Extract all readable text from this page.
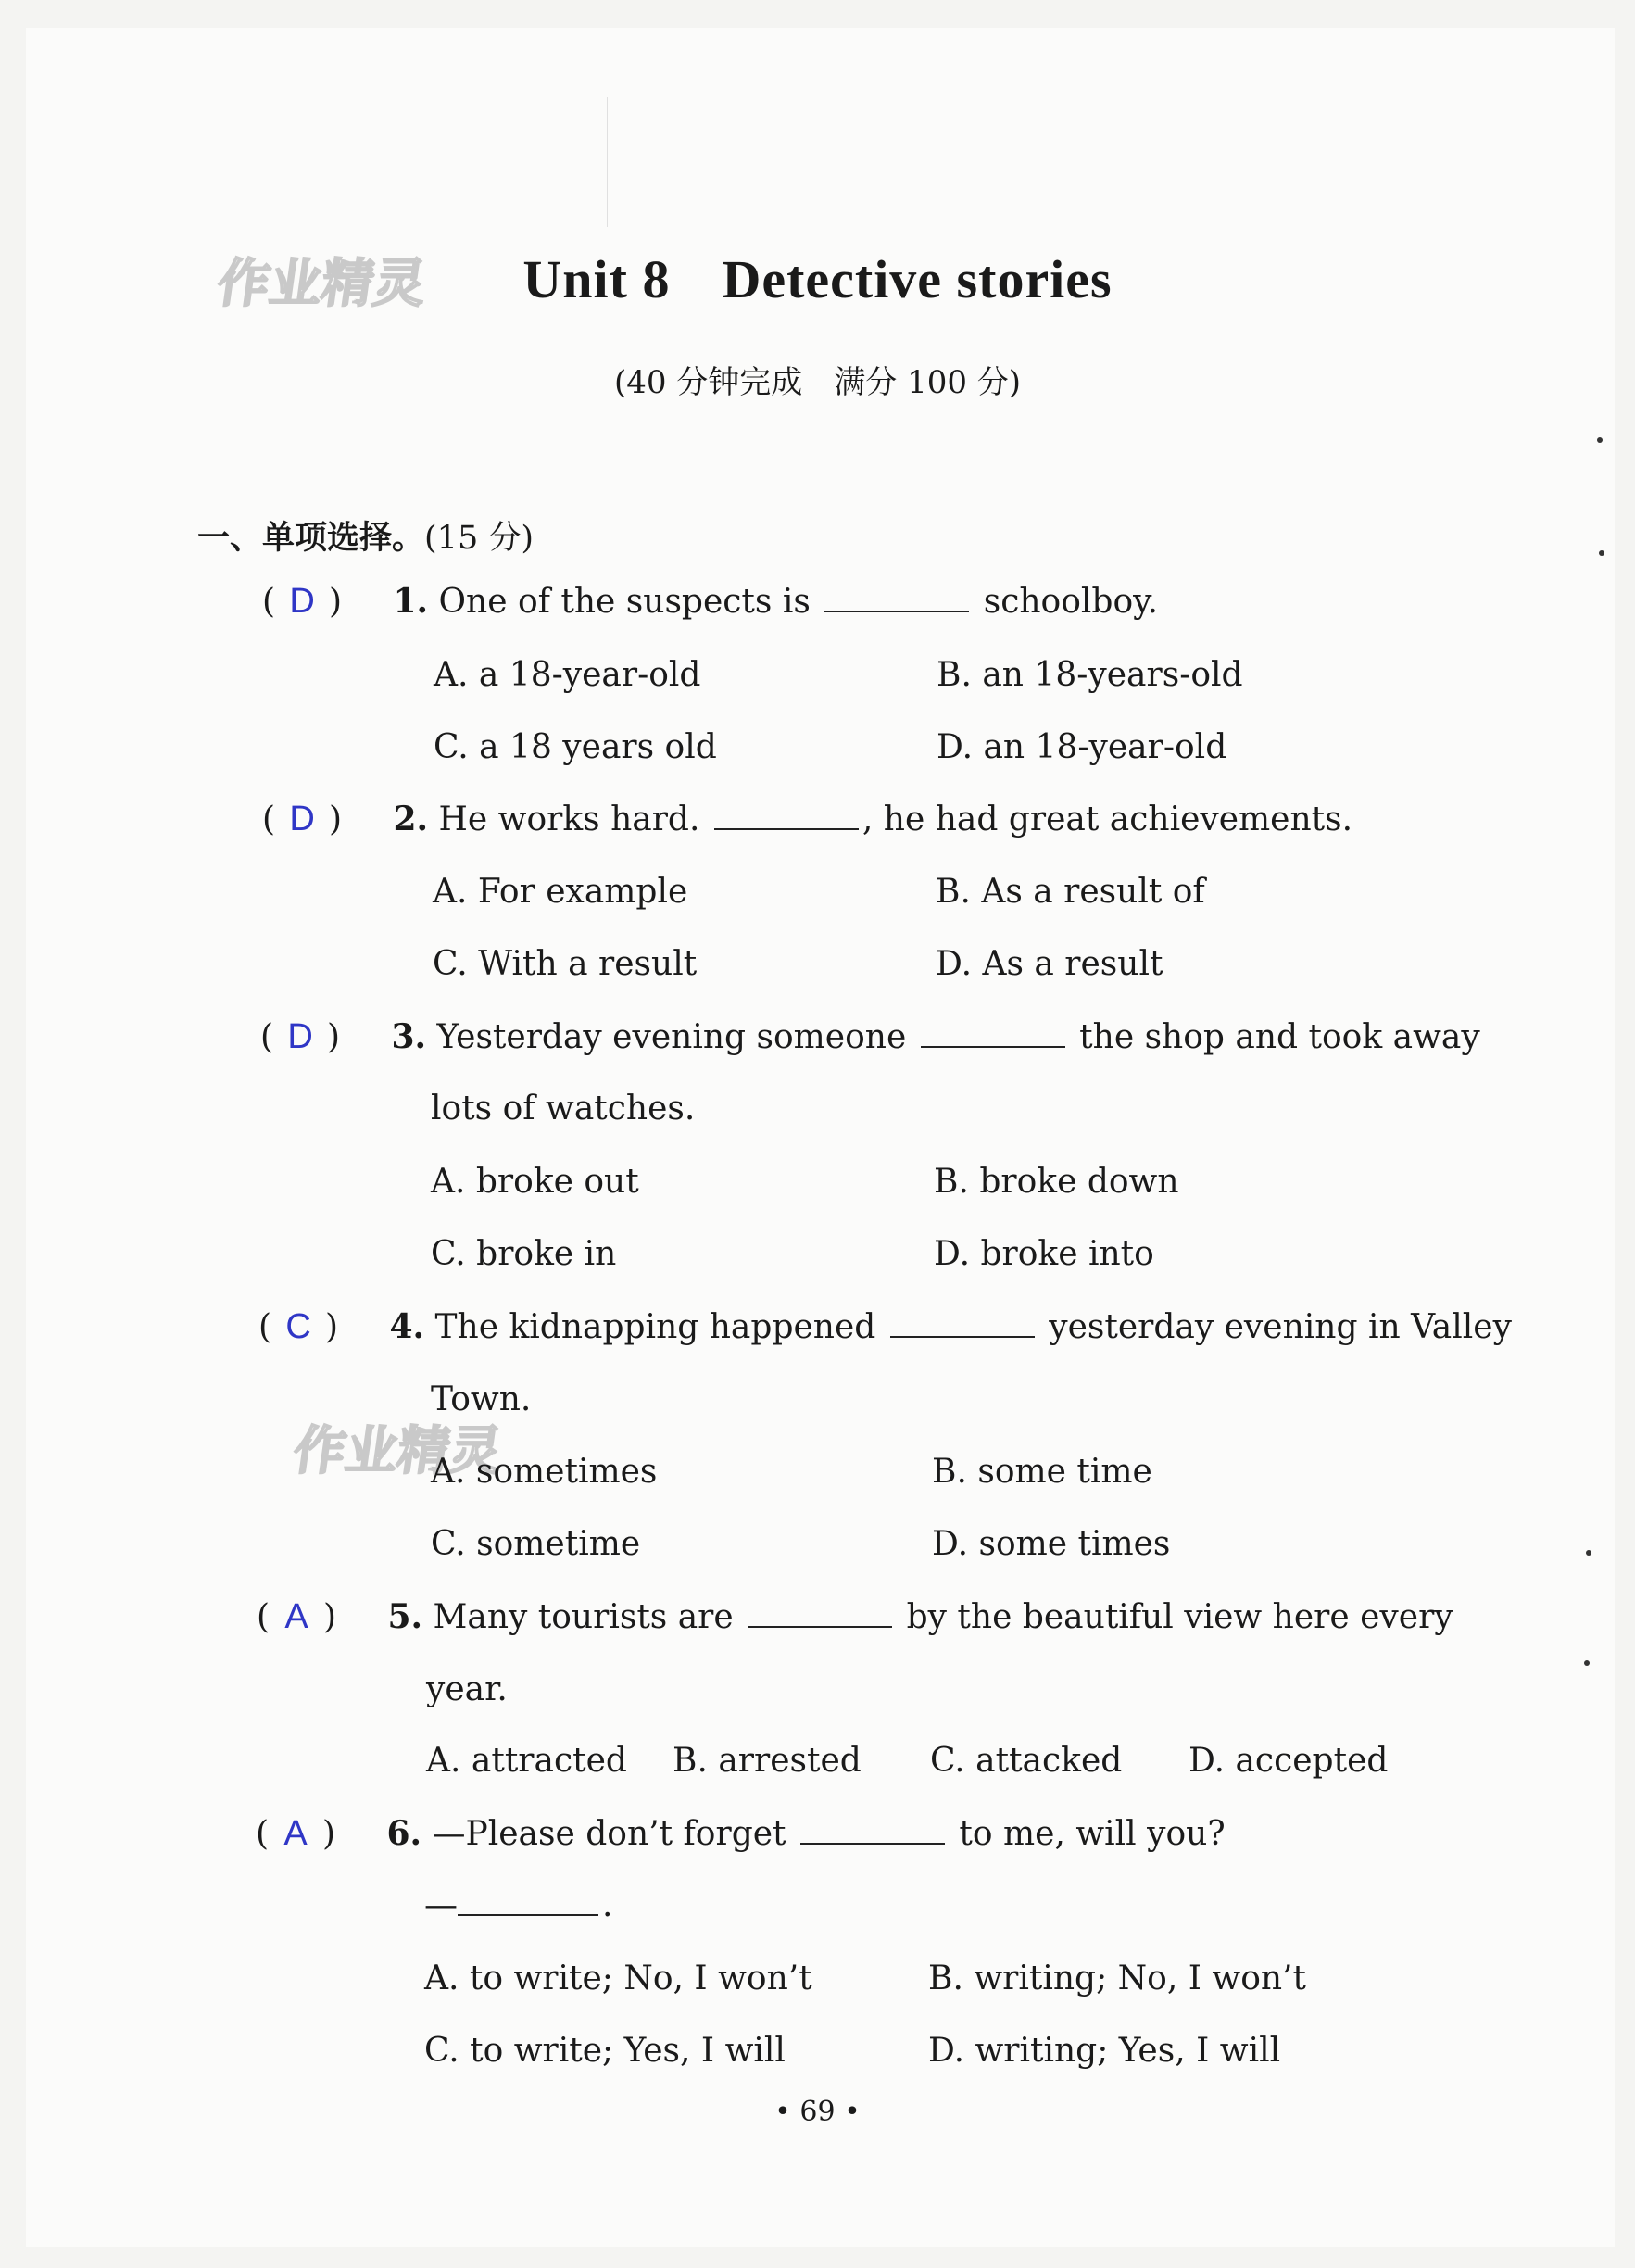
作业精灵
作业精灵
Unit 8 Detective stories
(40 分钟完成　满分 100 分)
一、单项选择。(15 分)
( D ) 1. One of the suspects is	schoolboy.
A. a 18-year-old	B. an 18-years-old
C. a 18 years old	D. an 18-year-old
( D ) 2. He works hard.	, he had great achievements.
A. For example	B. As a result of
C. With a result	D. As a result
( D ) 3. Yesterday evening someone	the shop and took away
lots of watches.
A. broke out	B. broke down
C. broke in	D. broke into
( C ) 4. The kidnapping happened	yesterday evening in Valley
Town.
A. sometimes	B. some time
C. sometime	D. some times
( A ) 5. Many tourists are	by the beautiful view here every
year.
A. attracted B. arrested C. attacked D. accepted
( A ) 6. —Please don’t forget	to me, will you?
—	.
A. to write; No, I won’t	B. writing; No, I won’t
C. to write; Yes, I will	D. writing; Yes, I will
• 69 •
